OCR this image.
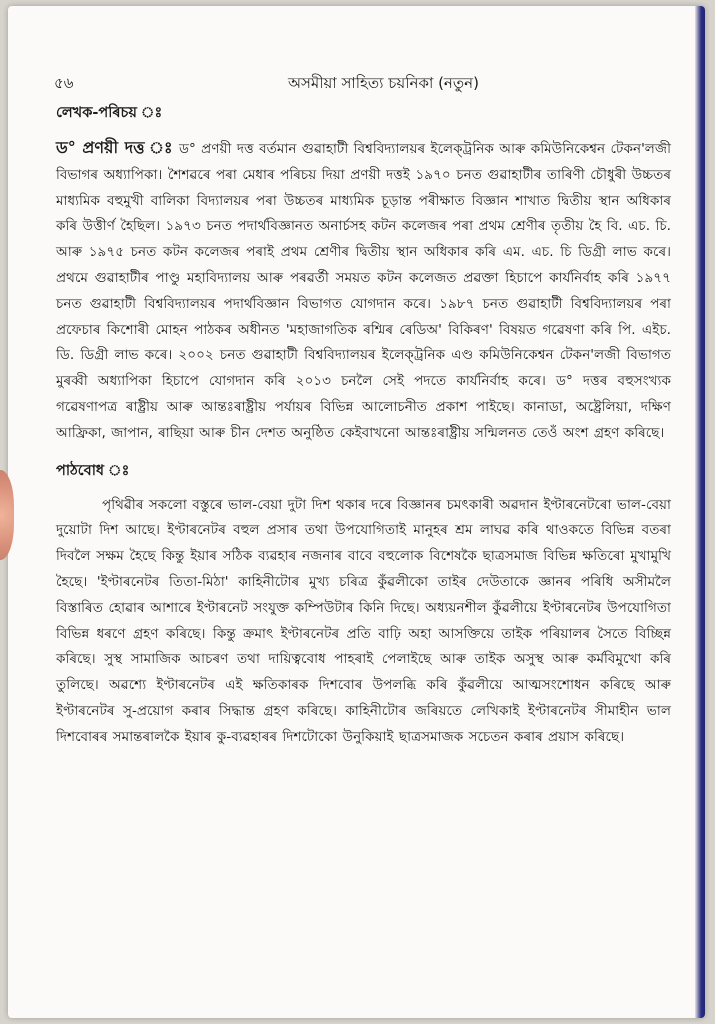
৫৬	অসমীয়া সাহিত্য চয়নিকা (নতুন)
লেখক-পৰিচয় ঃ

ড° প্ৰণয়ী দত্ত ঃ ড° প্ৰণয়ী দত্ত বৰ্তমান গুৱাহাটী বিশ্ববিদ্যালয়ৰ ইলেক্‌ট্ৰনিক আৰু কমিউনিকেশ্বন টেকন'লজী বিভাগৰ অধ্যাপিকা। শৈশৱৰে পৰা মেধাৰ পৰিচয় দিয়া প্ৰণয়ী দত্তই ১৯৭০ চনত গুৱাহাটীৰ তাৰিণী চৌধুৰী উচ্চতৰ মাধ্যমিক বহুমুখী বালিকা বিদ্যালয়ৰ পৰা উচ্চতৰ মাধ্যমিক চূড়ান্ত পৰীক্ষাত বিজ্ঞান শাখাত দ্বিতীয় স্থান অধিকাৰ কৰি উত্তীৰ্ণ হৈছিল। ১৯৭৩ চনত পদাৰ্থবিজ্ঞানত অনাৰ্চসহ কটন কলেজৰ পৰা প্ৰথম শ্ৰেণীৰ তৃতীয় হৈ বি. এচ. চি. আৰু ১৯৭৫ চনত কটন কলেজৰ পৰাই প্ৰথম শ্ৰেণীৰ দ্বিতীয় স্থান অধিকাৰ কৰি এম. এচ. চি ডিগ্ৰী লাভ কৰে। প্ৰথমে গুৱাহাটীৰ পাণ্ডু মহাবিদ্যালয় আৰু পৰৱৰ্তী সময়ত কটন কলেজত প্ৰৱক্তা হিচাপে কাৰ্যনিৰ্বাহ কৰি ১৯৭৭ চনত গুৱাহাটী বিশ্ববিদ্যালয়ৰ পদাৰ্থবিজ্ঞান বিভাগত যোগদান কৰে। ১৯৮৭ চনত গুৱাহাটী বিশ্ববিদ্যালয়ৰ পৰা প্ৰফেচাৰ কিশোৰী মোহন পাঠকৰ অধীনত 'মহাজাগতিক ৰশ্মিৰ ৰেডিঅ' বিকিৰণ' বিষয়ত গৱেষণা কৰি পি. এইচ. ডি. ডিগ্ৰী লাভ কৰে। ২০০২ চনত গুৱাহাটী বিশ্ববিদ্যালয়ৰ ইলেক্‌ট্ৰনিক এণ্ড কমিউনিকেশ্বন টেকন'লজী বিভাগত মুৰব্বী অধ্যাপিকা হিচাপে যোগদান কৰি ২০১৩ চনলৈ সেই পদতে কাৰ্যনিৰ্বাহ কৰে। ড° দত্তৰ বহুসংখ্যক গৱেষণাপত্ৰ ৰাষ্ট্ৰীয় আৰু আন্তঃৰাষ্ট্ৰীয় পৰ্যায়ৰ বিভিন্ন আলোচনীত প্ৰকাশ পাইছে। কানাডা, অষ্ট্ৰেলিয়া, দক্ষিণ আফ্ৰিকা, জাপান, ৰাছিয়া আৰু চীন দেশত অনুষ্ঠিত কেইবাখনো আন্তঃৰাষ্ট্ৰীয় সন্মিলনত তেওঁ অংশ গ্ৰহণ কৰিছে।

পাঠবোধ ঃ

পৃথিৱীৰ সকলো বস্তুৰে ভাল-বেয়া দুটা দিশ থকাৰ দৰে বিজ্ঞানৰ চমৎকাৰী অৱদান ইণ্টাৰনেটৰো ভাল-বেয়া দুয়োটা দিশ আছে। ইণ্টাৰনেটৰ বহুল প্ৰসাৰ তথা উপযোগিতাই মানুহৰ শ্ৰম লাঘৱ কৰি থাওকতে বিভিন্ন বতৰা দিবলৈ সক্ষম হৈছে কিন্তু ইয়াৰ সঠিক ব্যৱহাৰ নজনাৰ বাবে বহুলোক বিশেষকৈ ছাত্ৰসমাজ বিভিন্ন ক্ষতিৰো মুখামুখি হৈছে। 'ইণ্টাৰনেটৰ তিতা-মিঠা' কাহিনীটোৰ মুখ্য চৰিত্ৰ কুঁৱলীকো তাইৰ দেউতাকে জ্ঞানৰ পৰিধি অসীমলৈ বিস্তাৰিত হোৱাৰ আশাৰে ইণ্টাৰনেট সংযুক্ত কম্পিউটাৰ কিনি দিছে। অধ্যয়নশীল কুঁৱলীয়ে ইণ্টাৰনেটৰ উপযোগিতা বিভিন্ন ধৰণে গ্ৰহণ কৰিছে। কিন্তু ক্ৰমাৎ ইণ্টাৰনেটৰ প্ৰতি বাঢ়ি অহা আসক্তিয়ে তাইক পৰিয়ালৰ সৈতে বিচ্ছিন্ন কৰিছে। সুস্থ সামাজিক আচৰণ তথা দায়িত্ববোধ পাহৰাই পেলাইছে আৰু তাইক অসুস্থ আৰু কৰ্মবিমুখো কৰি তুলিছে। অৱশ্যে ইণ্টাৰনেটৰ এই ক্ষতিকাৰক দিশবোৰ উপলব্ধি কৰি কুঁৱলীয়ে আত্মসংশোধন কৰিছে আৰু ইণ্টাৰনেটৰ সু-প্ৰয়োগ কৰাৰ সিদ্ধান্ত গ্ৰহণ কৰিছে। কাহিনীটোৰ জৰিয়তে লেখিকাই ইণ্টাৰনেটৰ সীমাহীন ভাল দিশবোৰৰ সমান্তৰালকৈ ইয়াৰ কু-ব্যৱহাৰৰ দিশটোকো উনুকিয়াই ছাত্ৰসমাজক সচেতন কৰাৰ প্ৰয়াস কৰিছে।
